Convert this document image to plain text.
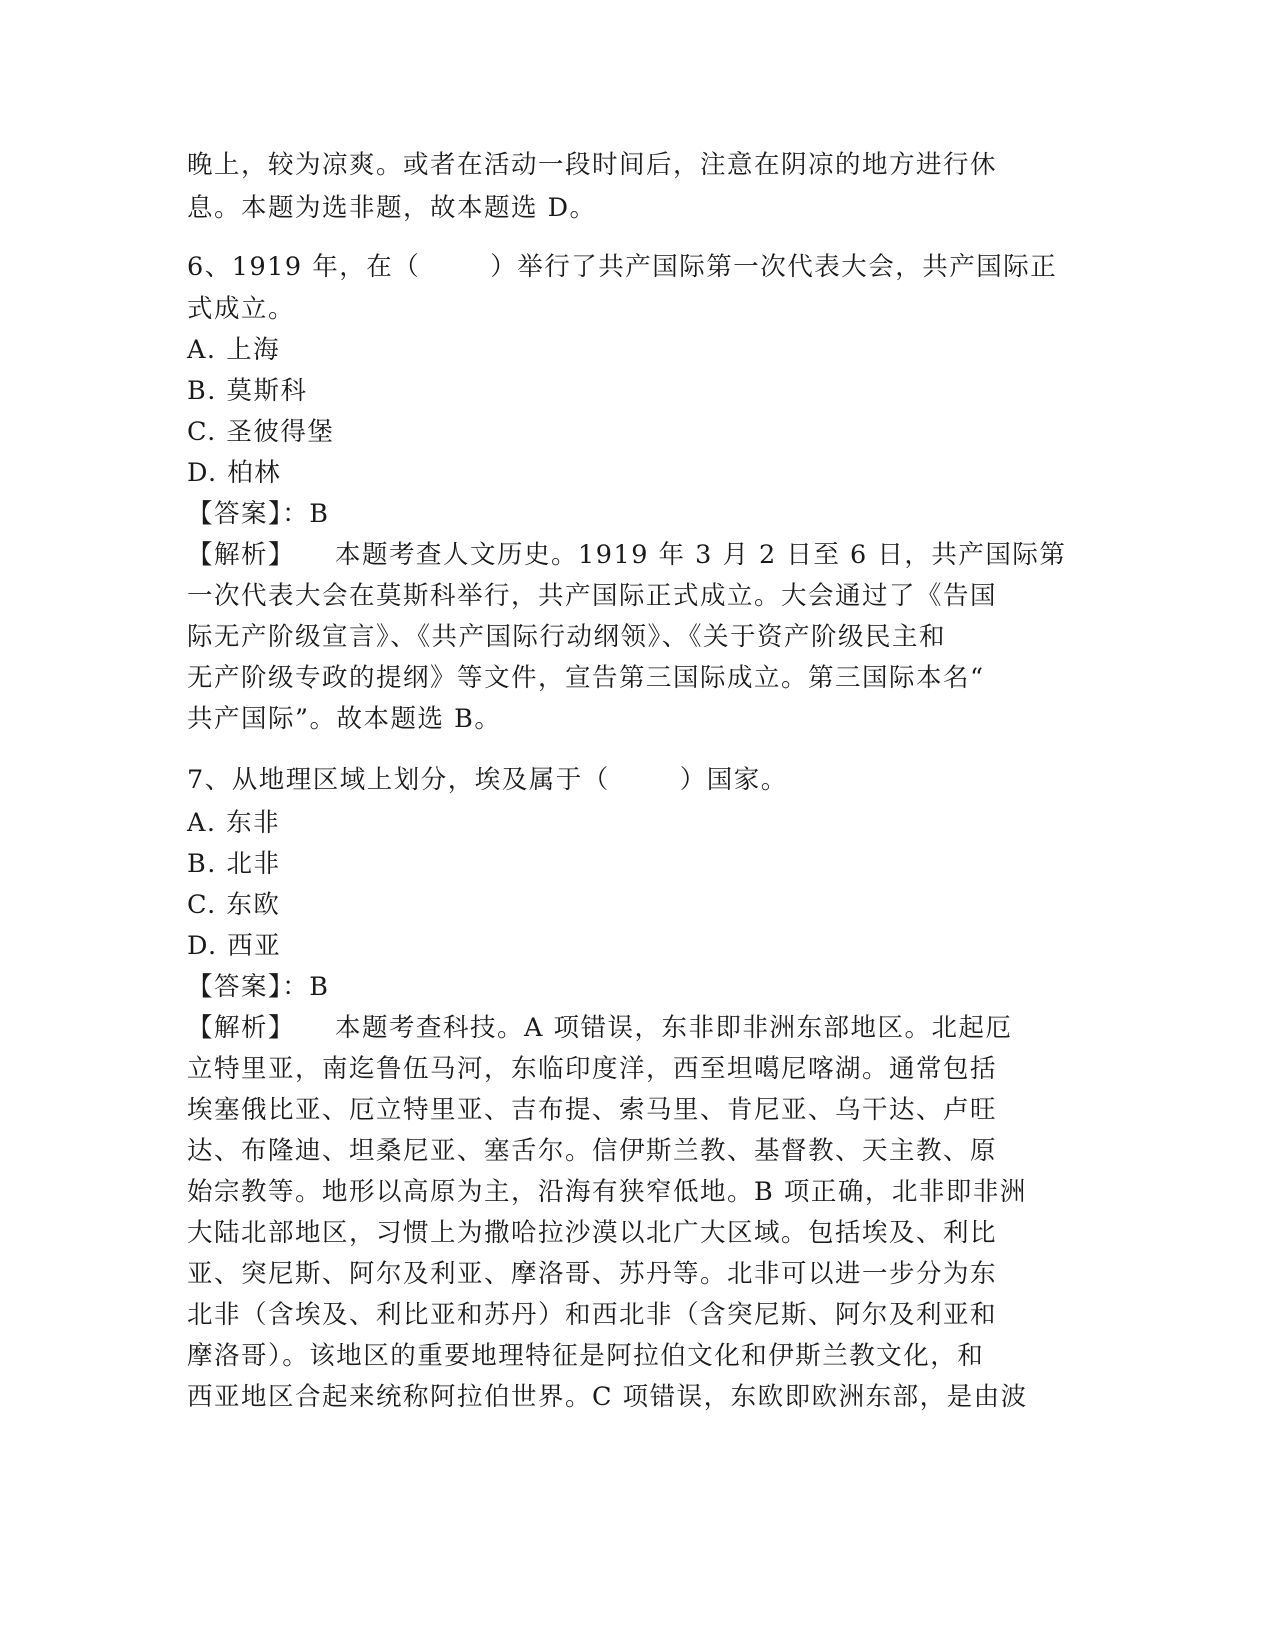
晚上，较为凉爽。或者在活动一段时间后，注意在阴凉的地方进行休
息。本题为选非题，故本题选 D。
6、1919 年，在（	）举行了共产国际第一次代表大会，共产国际正
式成立。
A. 上海
B. 莫斯科
C. 圣彼得堡
D. 柏林
【答案】：B
【解析】 本题考查人文历史。1919 年 3 月 2 日至 6 日，共产国际第
一次代表大会在莫斯科举行，共产国际正式成立。大会通过了《告国
际无产阶级宣言》、《共产国际行动纲领》、《关于资产阶级民主和
无产阶级专政的提纲》等文件，宣告第三国际成立。第三国际本名“
共产国际”。故本题选 B。
7、从地理区域上划分，埃及属于（	）国家。
A. 东非
B. 北非
C. 东欧
D. 西亚
【答案】：B
【解析】 本题考查科技。A 项错误，东非即非洲东部地区。北起厄
立特里亚，南迄鲁伍马河，东临印度洋，西至坦噶尼喀湖。通常包括
埃塞俄比亚、厄立特里亚、吉布提、索马里、肯尼亚、乌干达、卢旺
达、布隆迪、坦桑尼亚、塞舌尔。信伊斯兰教、基督教、天主教、原
始宗教等。地形以高原为主，沿海有狭窄低地。B 项正确，北非即非洲
大陆北部地区，习惯上为撒哈拉沙漠以北广大区域。包括埃及、利比
亚、突尼斯、阿尔及利亚、摩洛哥、苏丹等。北非可以进一步分为东
北非（含埃及、利比亚和苏丹）和西北非（含突尼斯、阿尔及利亚和
摩洛哥）。该地区的重要地理特征是阿拉伯文化和伊斯兰教文化，和
西亚地区合起来统称阿拉伯世界。C 项错误，东欧即欧洲东部，是由波
